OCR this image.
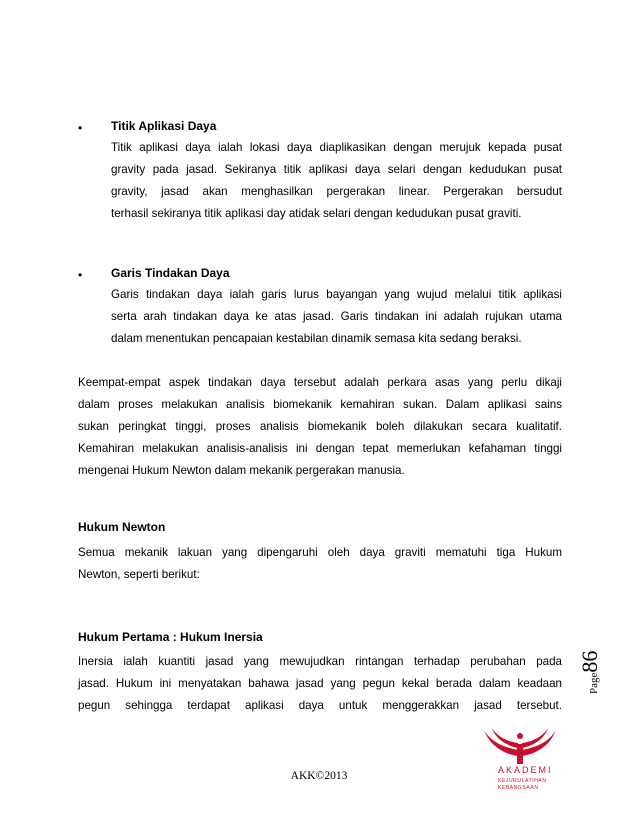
• Titik Aplikasi Daya
Titik aplikasi daya ialah lokasi daya diaplikasikan dengan merujuk kepada pusat
gravity pada jasad. Sekiranya titik aplikasi daya selari dengan kedudukan pusat
gravity, jasad akan menghasilkan pergerakan linear. Pergerakan bersudut
terhasil sekiranya titik aplikasi day atidak selari dengan kedudukan pusat graviti.
• Garis Tindakan Daya
Garis tindakan daya ialah garis lurus bayangan yang wujud melalui titik aplikasi
serta arah tindakan daya ke atas jasad. Garis tindakan ini adalah rujukan utama
dalam menentukan pencapaian kestabilan dinamik semasa kita sedang beraksi.
Keempat-empat aspek tindakan daya tersebut adalah perkara asas yang perlu dikaji
dalam proses melakukan analisis biomekanik kemahiran sukan. Dalam aplikasi sains
sukan peringkat tinggi, proses analisis biomekanik boleh dilakukan secara kualitatif.
Kemahiran melakukan analisis-analisis ini dengan tepat memerlukan kefahaman tinggi
mengenai Hukum Newton dalam mekanik pergerakan manusia.
Hukum Newton
Semua mekanik lakuan yang dipengaruhi oleh daya graviti mematuhi tiga Hukum
Newton, seperti berikut:
Hukum Pertama : Hukum Inersia
Inersia ialah kuantiti jasad yang mewujudkan rintangan terhadap perubahan pada
jasad. Hukum ini menyatakan bahawa jasad yang pegun kekal berada dalam keadaan
pegun sehingga terdapat aplikasi daya untuk menggerakkan jasad tersebut.
Page86
AKADEMI
KEJURULATIHAN
KEBANGSAAN
AKK©2013
